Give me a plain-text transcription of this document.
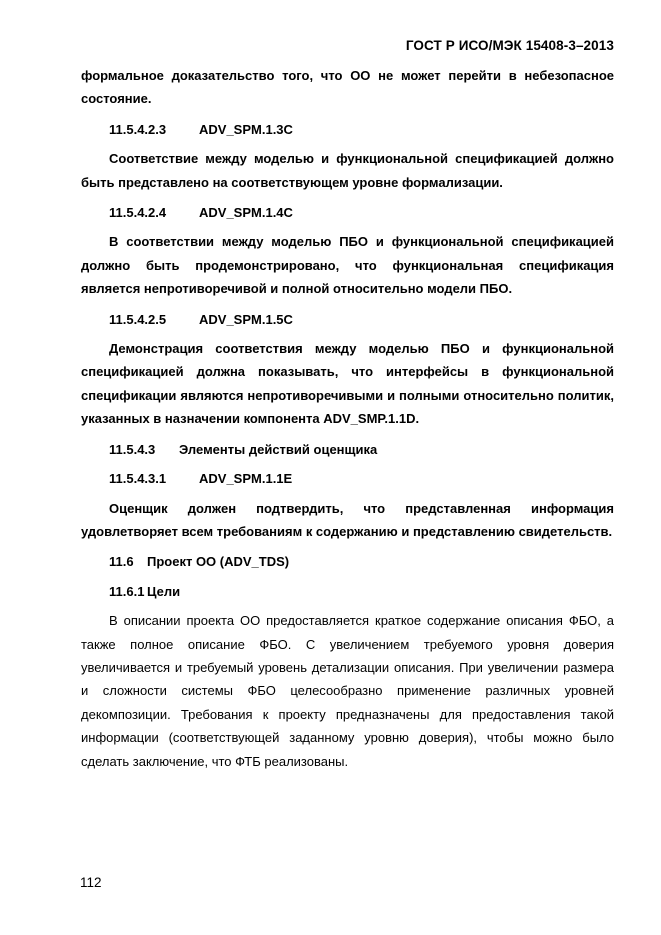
ГОСТ Р ИСО/МЭК 15408-3–2013

формальное доказательство того, что ОО не может перейти в небезопасное состояние.

11.5.4.2.3	ADV_SPM.1.3C

Соответствие между моделью и функциональной спецификацией должно быть представлено на соответствующем уровне формализации.

11.5.4.2.4	ADV_SPM.1.4C

В соответствии между моделью ПБО и функциональной спецификацией должно быть продемонстрировано, что функциональная спецификация является непротиворечивой и полной относительно модели ПБО.

11.5.4.2.5	ADV_SPM.1.5C

Демонстрация соответствия между моделью ПБО и функциональной спецификацией должна показывать, что интерфейсы в функциональной спецификации являются непротиворечивыми и полными относительно политик, указанных в назначении компонента ADV_SMP.1.1D.

11.5.4.3 Элементы действий оценщика
11.5.4.3.1	ADV_SPM.1.1E

Оценщик должен подтвердить, что представленная информация удовлетворяет всем требованиям к содержанию и представлению свидетельств.

11.6 Проект ОО (ADV_TDS)
11.6.1 Цели

В описании проекта ОО предоставляется краткое содержание описания ФБО, а также полное описание ФБО. С увеличением требуемого уровня доверия увеличивается и требуемый уровень детализации описания. При увеличении размера и сложности системы ФБО целесообразно применение различных уровней декомпозиции. Требования к проекту предназначены для предоставления такой информации (соответствующей заданному уровню доверия), чтобы можно было сделать заключение, что ФТБ реализованы.

112
